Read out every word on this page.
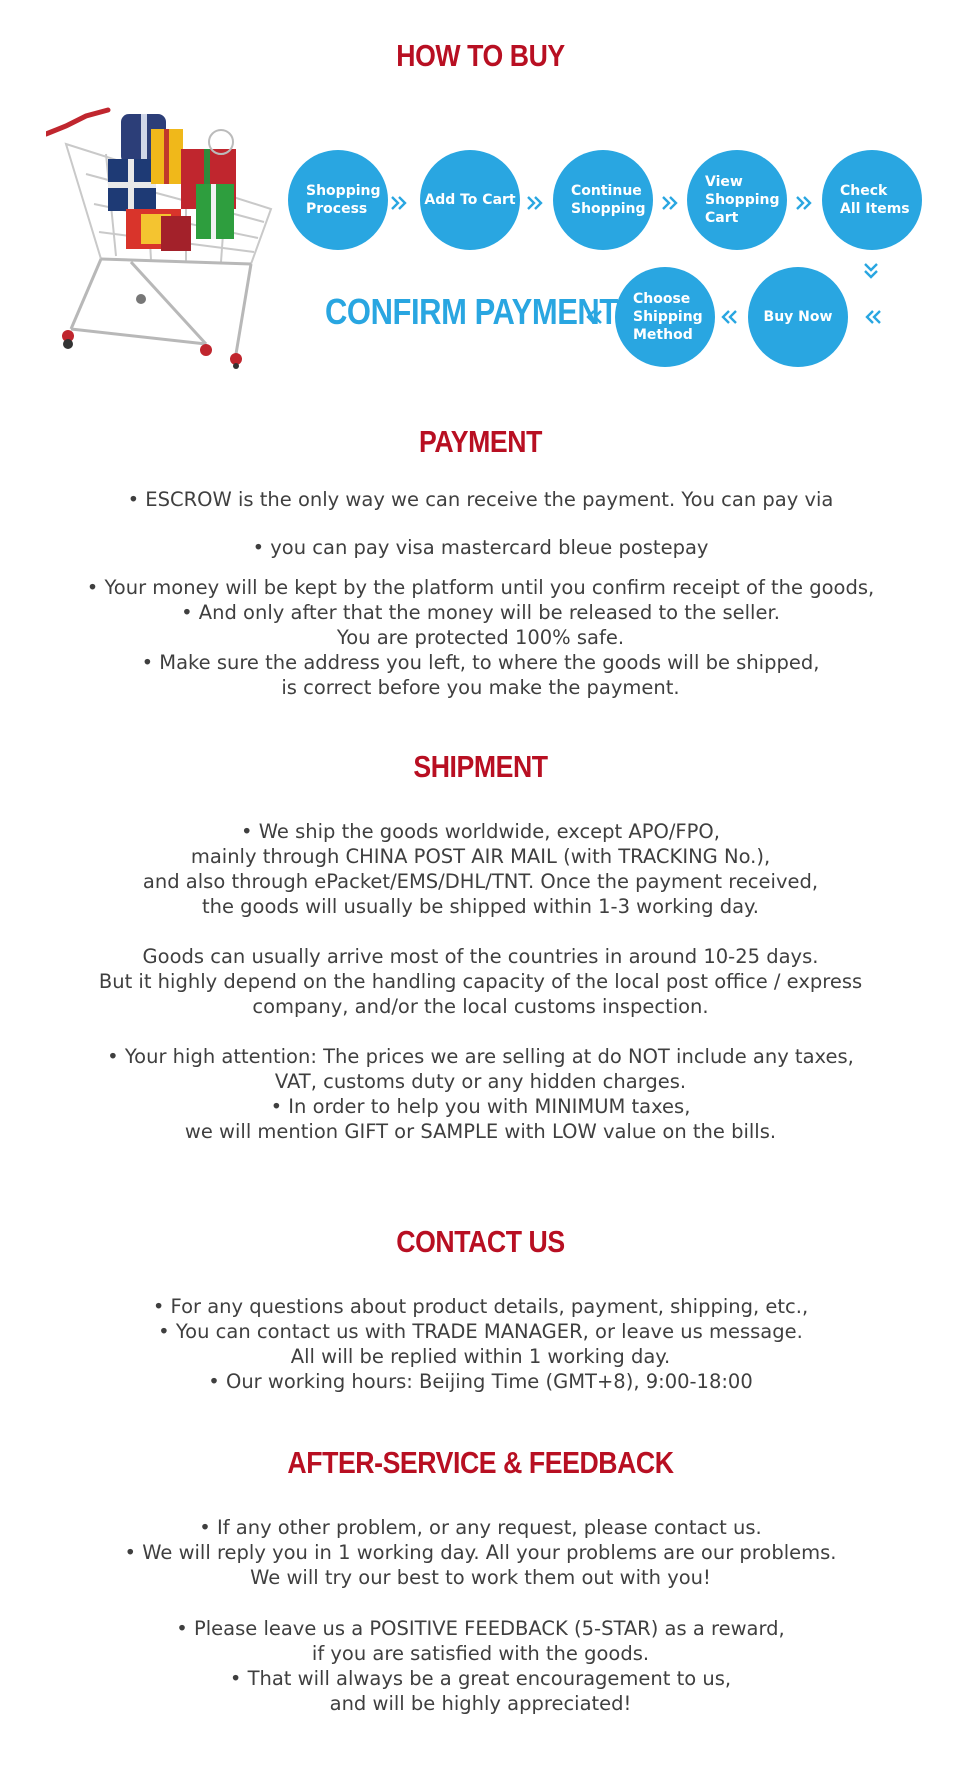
HOW TO BUY
Shopping
Process
Add To Cart
Continue
Shopping
View
Shopping
Cart
Check
All Items
Buy Now
Choose
Shipping
Method
CONFIRM PAYMENT
PAYMENT
• ESCROW is the only way we can receive the payment. You can pay via
• you can pay visa mastercard bleue postepay
• Your money will be kept by the platform until you confirm receipt of the goods,
• And only after that the money will be released to the seller.
You are protected 100% safe.
• Make sure the address you left, to where the goods will be shipped,
is correct before you make the payment.
SHIPMENT
• We ship the goods worldwide, except APO/FPO,
mainly through CHINA POST AIR MAIL (with TRACKING No.),
and also through ePacket/EMS/DHL/TNT. Once the payment received,
the goods will usually be shipped within 1-3 working day.
Goods can usually arrive most of the countries in around 10-25 days.
But it highly depend on the handling capacity of the local post office / express
company, and/or the local customs inspection.
• Your high attention: The prices we are selling at do NOT include any taxes,
VAT, customs duty or any hidden charges.
• In order to help you with MINIMUM taxes,
we will mention GIFT or SAMPLE with LOW value on the bills.
CONTACT US
• For any questions about product details, payment, shipping, etc.,
• You can contact us with TRADE MANAGER, or leave us message.
All will be replied within 1 working day.
• Our working hours: Beijing Time (GMT+8), 9:00-18:00
AFTER-SERVICE & FEEDBACK
• If any other problem, or any request, please contact us.
• We will reply you in 1 working day. All your problems are our problems.
We will try our best to work them out with you!
• Please leave us a POSITIVE FEEDBACK (5-STAR) as a reward,
if you are satisfied with the goods.
• That will always be a great encouragement to us,
and will be highly appreciated!
